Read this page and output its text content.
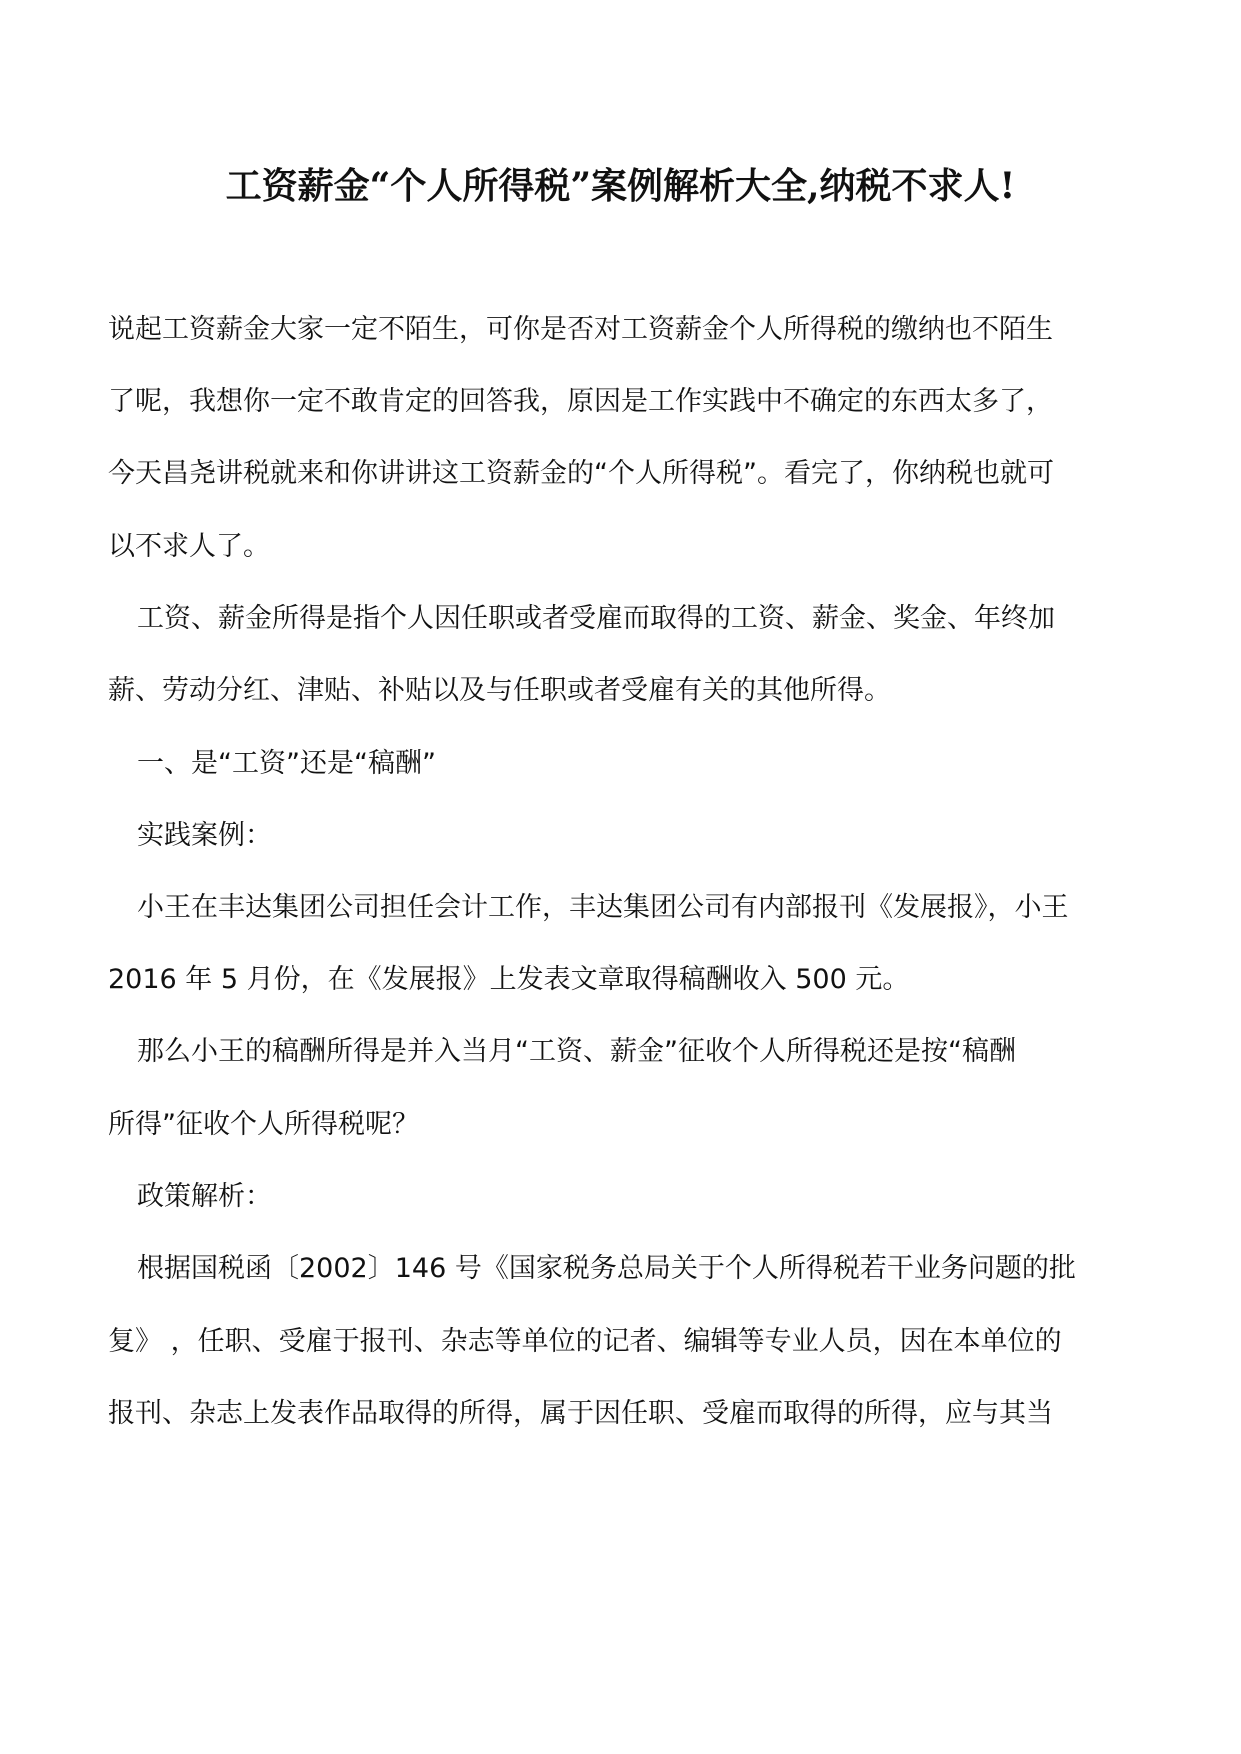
工资薪金“个人所得税”案例解析大全,纳税不求人!

说起工资薪金大家一定不陌生，可你是否对工资薪金个人所得税的缴纳也不陌生

了呢，我想你一定不敢肯定的回答我，原因是工作实践中不确定的东西太多了，

今天昌尧讲税就来和你讲讲这工资薪金的“个人所得税”。看完了，你纳税也就可

以不求人了。

工资、薪金所得是指个人因任职或者受雇而取得的工资、薪金、奖金、年终加

薪、劳动分红、津贴、补贴以及与任职或者受雇有关的其他所得。

一、是“工资”还是“稿酬”

实践案例：

小王在丰达集团公司担任会计工作，丰达集团公司有内部报刊《发展报》，小王

2016 年 5 月份，在《发展报》上发表文章取得稿酬收入 500 元。

那么小王的稿酬所得是并入当月“工资、薪金”征收个人所得税还是按“稿酬

所得”征收个人所得税呢？

政策解析：

根据国税函〔2002〕146 号《国家税务总局关于个人所得税若干业务问题的批

复》 ，任职、受雇于报刊、杂志等单位的记者、编辑等专业人员，因在本单位的

报刊、杂志上发表作品取得的所得，属于因任职、受雇而取得的所得，应与其当
